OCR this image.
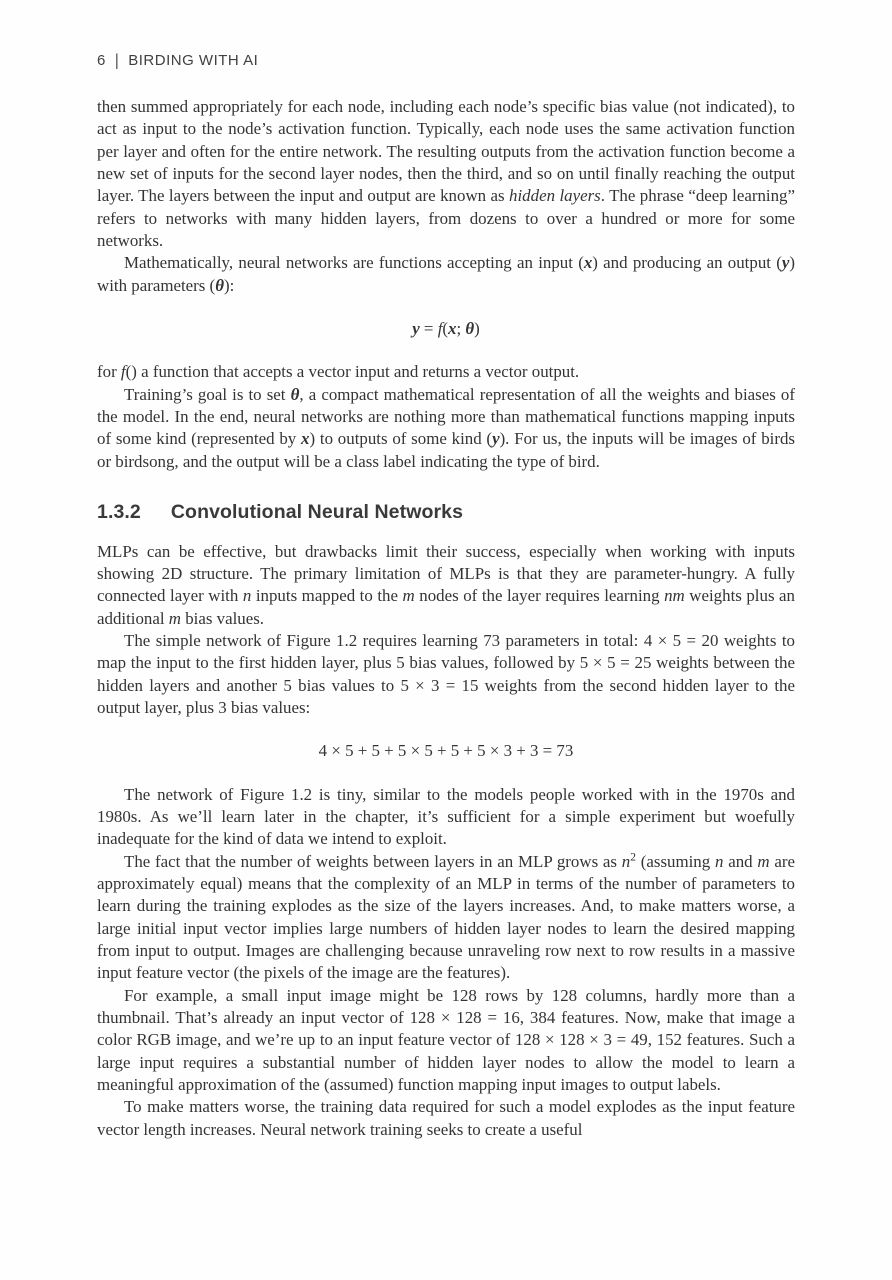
6 | BIRDING WITH AI

then summed appropriately for each node, including each node’s specific bias value (not indicated), to act as input to the node’s activation function. Typically, each node uses the same activation function per layer and often for the entire network. The resulting outputs from the activation function become a new set of inputs for the second layer nodes, then the third, and so on until finally reaching the output layer. The layers between the input and output are known as hidden layers. The phrase “deep learning” refers to networks with many hidden layers, from dozens to over a hundred or more for some networks.

Mathematically, neural networks are functions accepting an input (x) and producing an output (y) with parameters (θ):

y = f(x; θ)

for f() a function that accepts a vector input and returns a vector output.

Training’s goal is to set θ, a compact mathematical representation of all the weights and biases of the model. In the end, neural networks are nothing more than mathematical functions mapping inputs of some kind (represented by x) to outputs of some kind (y). For us, the inputs will be images of birds or birdsong, and the output will be a class label indicating the type of bird.

1.3.2 Convolutional Neural Networks

MLPs can be effective, but drawbacks limit their success, especially when working with inputs showing 2D structure. The primary limitation of MLPs is that they are parameter-hungry. A fully connected layer with n inputs mapped to the m nodes of the layer requires learning nm weights plus an additional m bias values.

The simple network of Figure 1.2 requires learning 73 parameters in total: 4 × 5 = 20 weights to map the input to the first hidden layer, plus 5 bias values, followed by 5 × 5 = 25 weights between the hidden layers and another 5 bias values to 5 × 3 = 15 weights from the second hidden layer to the output layer, plus 3 bias values:

4 × 5 + 5 + 5 × 5 + 5 + 5 × 3 + 3 = 73

The network of Figure 1.2 is tiny, similar to the models people worked with in the 1970s and 1980s. As we’ll learn later in the chapter, it’s sufficient for a simple experiment but woefully inadequate for the kind of data we intend to exploit.

The fact that the number of weights between layers in an MLP grows as $n^2$ (assuming n and m are approximately equal) means that the complexity of an MLP in terms of the number of parameters to learn during the training explodes as the size of the layers increases. And, to make matters worse, a large initial input vector implies large numbers of hidden layer nodes to learn the desired mapping from input to output. Images are challenging because unraveling row next to row results in a massive input feature vector (the pixels of the image are the features).

For example, a small input image might be 128 rows by 128 columns, hardly more than a thumbnail. That’s already an input vector of 128 × 128 = 16, 384 features. Now, make that image a color RGB image, and we’re up to an input feature vector of 128 × 128 × 3 = 49, 152 features. Such a large input requires a substantial number of hidden layer nodes to allow the model to learn a meaningful approximation of the (assumed) function mapping input images to output labels.

To make matters worse, the training data required for such a model explodes as the input feature vector length increases. Neural network training seeks to create a useful
